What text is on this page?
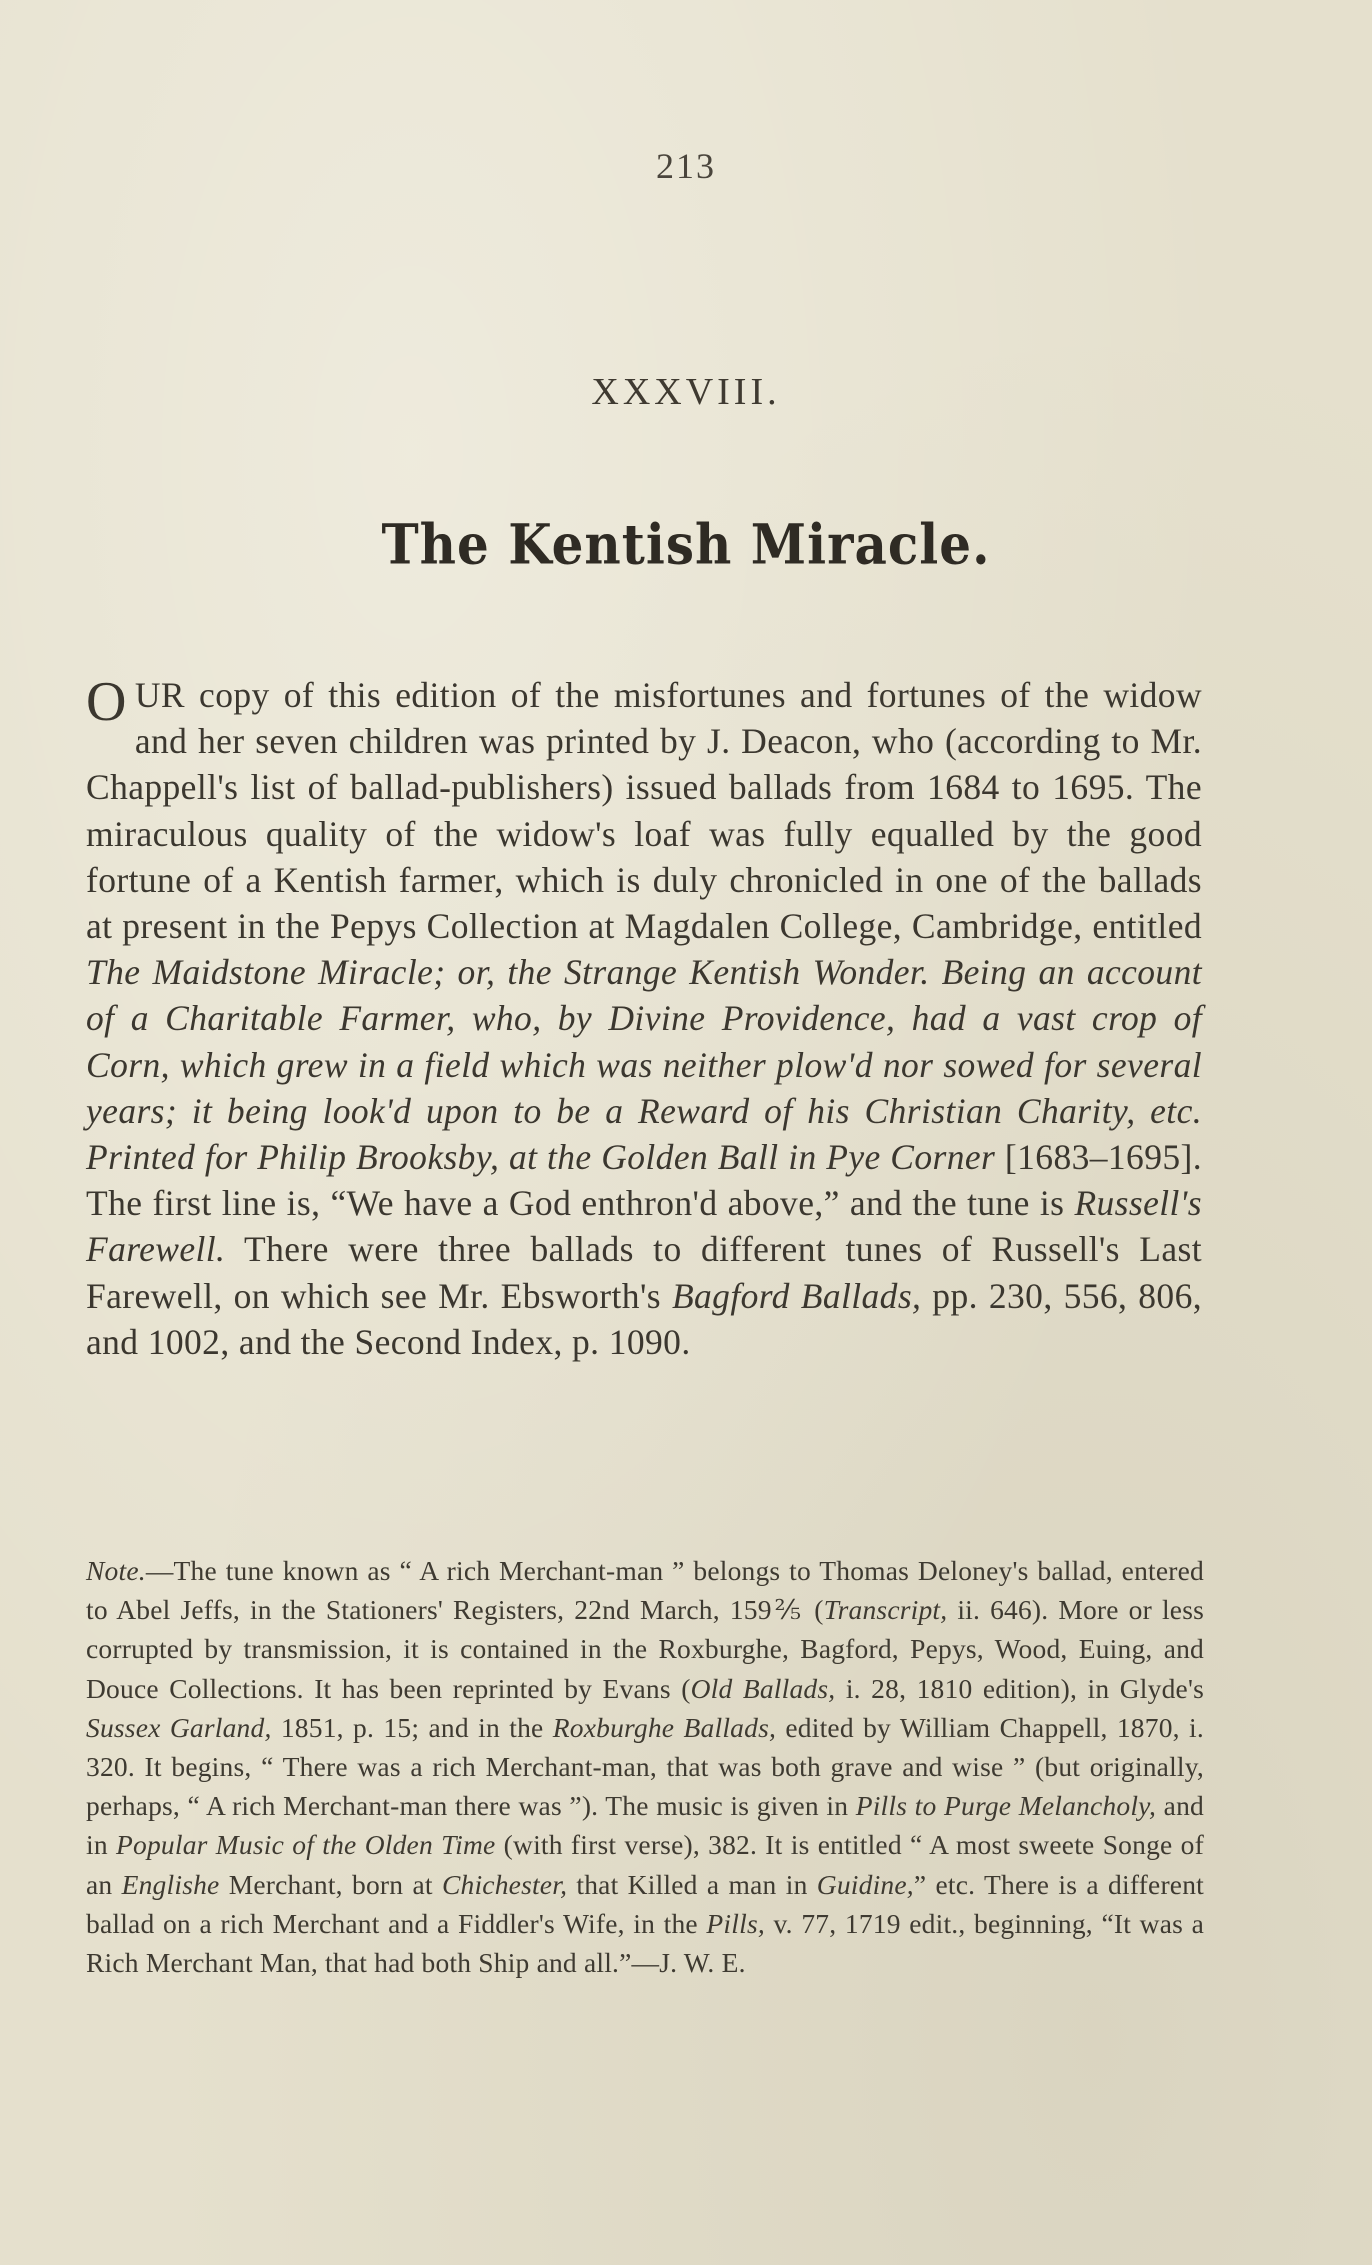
213
XXXVIII.
The Kentish Miracle.
O UR copy of this edition of the misfortunes and fortunes of the widow and her seven children was printed by J. Deacon, who (according to Mr. Chappell's list of ballad-publishers) issued ballads from 1684 to 1695. The miraculous quality of the widow's loaf was fully equalled by the good fortune of a Kentish farmer, which is duly chronicled in one of the ballads at present in the Pepys Collection at Magdalen College, Cambridge, entitled The Maidstone Miracle; or, the Strange Kentish Wonder. Being an account of a Charitable Farmer, who, by Divine Providence, had a vast crop of Corn, which grew in a field which was neither plow'd nor sowed for several years; it being look'd upon to be a Reward of his Christian Charity, etc. Printed for Philip Brooksby, at the Golden Ball in Pye Corner [1683–1695]. The first line is, “We have a God enthron'd above,” and the tune is Russell's Farewell. There were three ballads to different tunes of Russell's Last Farewell, on which see Mr. Ebsworth's Bagford Ballads, pp. 230, 556, 806, and 1002, and the Second Index, p. 1090.
Note.—The tune known as “ A rich Merchant-man ” belongs to Thomas Deloney's ballad, entered to Abel Jeffs, in the Stationers' Registers, 22nd March, 159⅖ (Transcript, ii. 646). More or less corrupted by transmission, it is contained in the Roxburghe, Bagford, Pepys, Wood, Euing, and Douce Collections. It has been reprinted by Evans (Old Ballads, i. 28, 1810 edition), in Glyde's Sussex Garland, 1851, p. 15; and in the Roxburghe Ballads, edited by William Chappell, 1870, i. 320. It begins, “ There was a rich Merchant-man, that was both grave and wise ” (but originally, perhaps, “ A rich Merchant-man there was ”). The music is given in Pills to Purge Melancholy, and in Popular Music of the Olden Time (with first verse), 382. It is entitled “ A most sweete Songe of an Englishe Merchant, born at Chichester, that Killed a man in Guidine,” etc. There is a different ballad on a rich Merchant and a Fiddler's Wife, in the Pills, v. 77, 1719 edit., beginning, “It was a Rich Merchant Man, that had both Ship and all.”—J. W. E.
